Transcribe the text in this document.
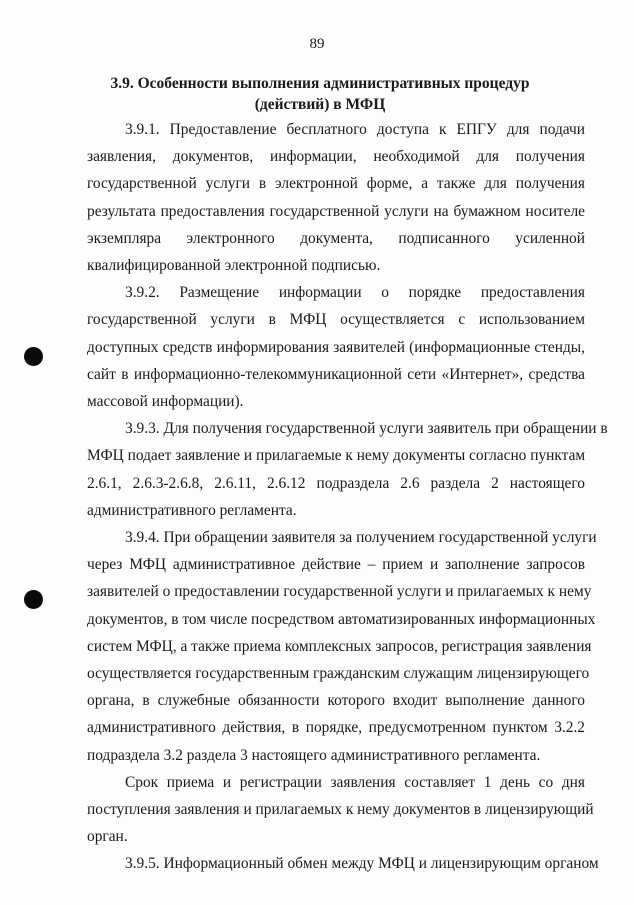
89
3.9. Особенности выполнения административных процедур
(действий) в МФЦ
3.9.1. Предоставление бесплатного доступа к ЕПГУ для подачи
заявления, документов, информации, необходимой для получения
государственной услуги в электронной форме, а также для получения
результата предоставления государственной услуги на бумажном носителе
экземпляра электронного документа, подписанного усиленной
квалифицированной электронной подписью.
3.9.2. Размещение информации о порядке предоставления
государственной услуги в МФЦ осуществляется с использованием
доступных средств информирования заявителей (информационные стенды,
сайт в информационно-телекоммуникационной сети «Интернет», средства
массовой информации).
3.9.3. Для получения государственной услуги заявитель при обращении в
МФЦ подает заявление и прилагаемые к нему документы согласно пунктам
2.6.1, 2.6.3-2.6.8, 2.6.11, 2.6.12 подраздела 2.6 раздела 2 настоящего
административного регламента.
3.9.4. При обращении заявителя за получением государственной услуги
через МФЦ административное действие – прием и заполнение запросов
заявителей о предоставлении государственной услуги и прилагаемых к нему
документов, в том числе посредством автоматизированных информационных
систем МФЦ, а также приема комплексных запросов, регистрация заявления
осуществляется государственным гражданским служащим лицензирующего
органа, в служебные обязанности которого входит выполнение данного
административного действия, в порядке, предусмотренном пунктом 3.2.2
подраздела 3.2 раздела 3 настоящего административного регламента.
Срок приема и регистрации заявления составляет 1 день со дня
поступления заявления и прилагаемых к нему документов в лицензирующий
орган.
3.9.5. Информационный обмен между МФЦ и лицензирующим органом
